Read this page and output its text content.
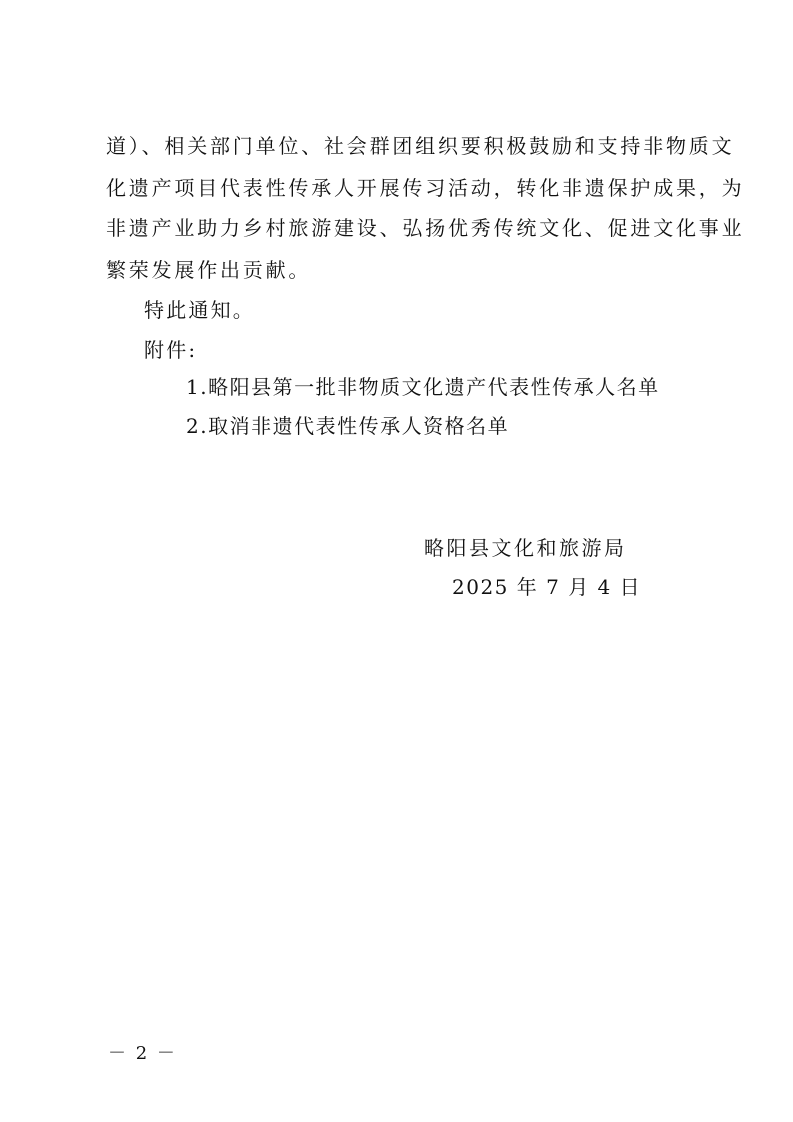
道）、相关部门单位、社会群团组织要积极鼓励和支持非物质文
化遗产项目代表性传承人开展传习活动，转化非遗保护成果，为
非遗产业助力乡村旅游建设、弘扬优秀传统文化、促进文化事业
繁荣发展作出贡献。
特此通知。
附件:
1.略阳县第一批非物质文化遗产代表性传承人名单
2.取消非遗代表性传承人资格名单
略阳县文化和旅游局
2025 年 7 月 4 日
－ 2 －
